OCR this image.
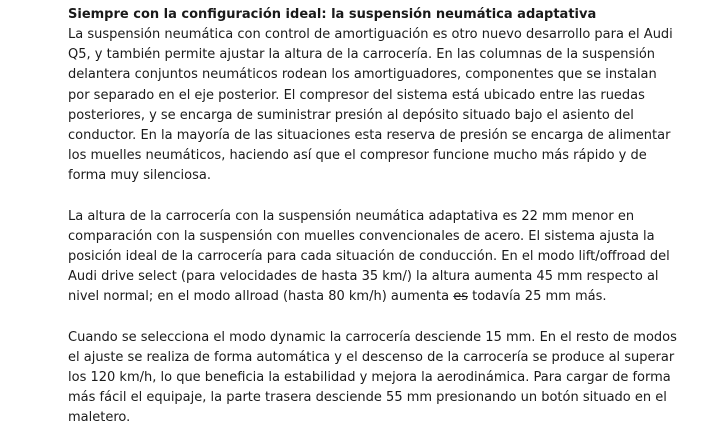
Siempre con la configuración ideal: la suspensión neumática adaptativa

La suspensión neumática con control de amortiguación es otro nuevo desarrollo para el Audi
Q5, y también permite ajustar la altura de la carrocería. En las columnas de la suspensión
delantera conjuntos neumáticos rodean los amortiguadores, componentes que se instalan
por separado en el eje posterior. El compresor del sistema está ubicado entre las ruedas
posteriores, y se encarga de suministrar presión al depósito situado bajo el asiento del
conductor. En la mayoría de las situaciones esta reserva de presión se encarga de alimentar
los muelles neumáticos, haciendo así que el compresor funcione mucho más rápido y de
forma muy silenciosa.

La altura de la carrocería con la suspensión neumática adaptativa es 22 mm menor en
comparación con la suspensión con muelles convencionales de acero. El sistema ajusta la
posición ideal de la carrocería para cada situación de conducción. En el modo lift/offroad del
Audi drive select (para velocidades de hasta 35 km/) la altura aumenta 45 mm respecto al
nivel normal; en el modo allroad (hasta 80 km/h) aumenta es todavía 25 mm más.

Cuando se selecciona el modo dynamic la carrocería desciende 15 mm. En el resto de modos
el ajuste se realiza de forma automática y el descenso de la carrocería se produce al superar
los 120 km/h, lo que beneficia la estabilidad y mejora la aerodinámica. Para cargar de forma
más fácil el equipaje, la parte trasera desciende 55 mm presionando un botón situado en el
maletero.
